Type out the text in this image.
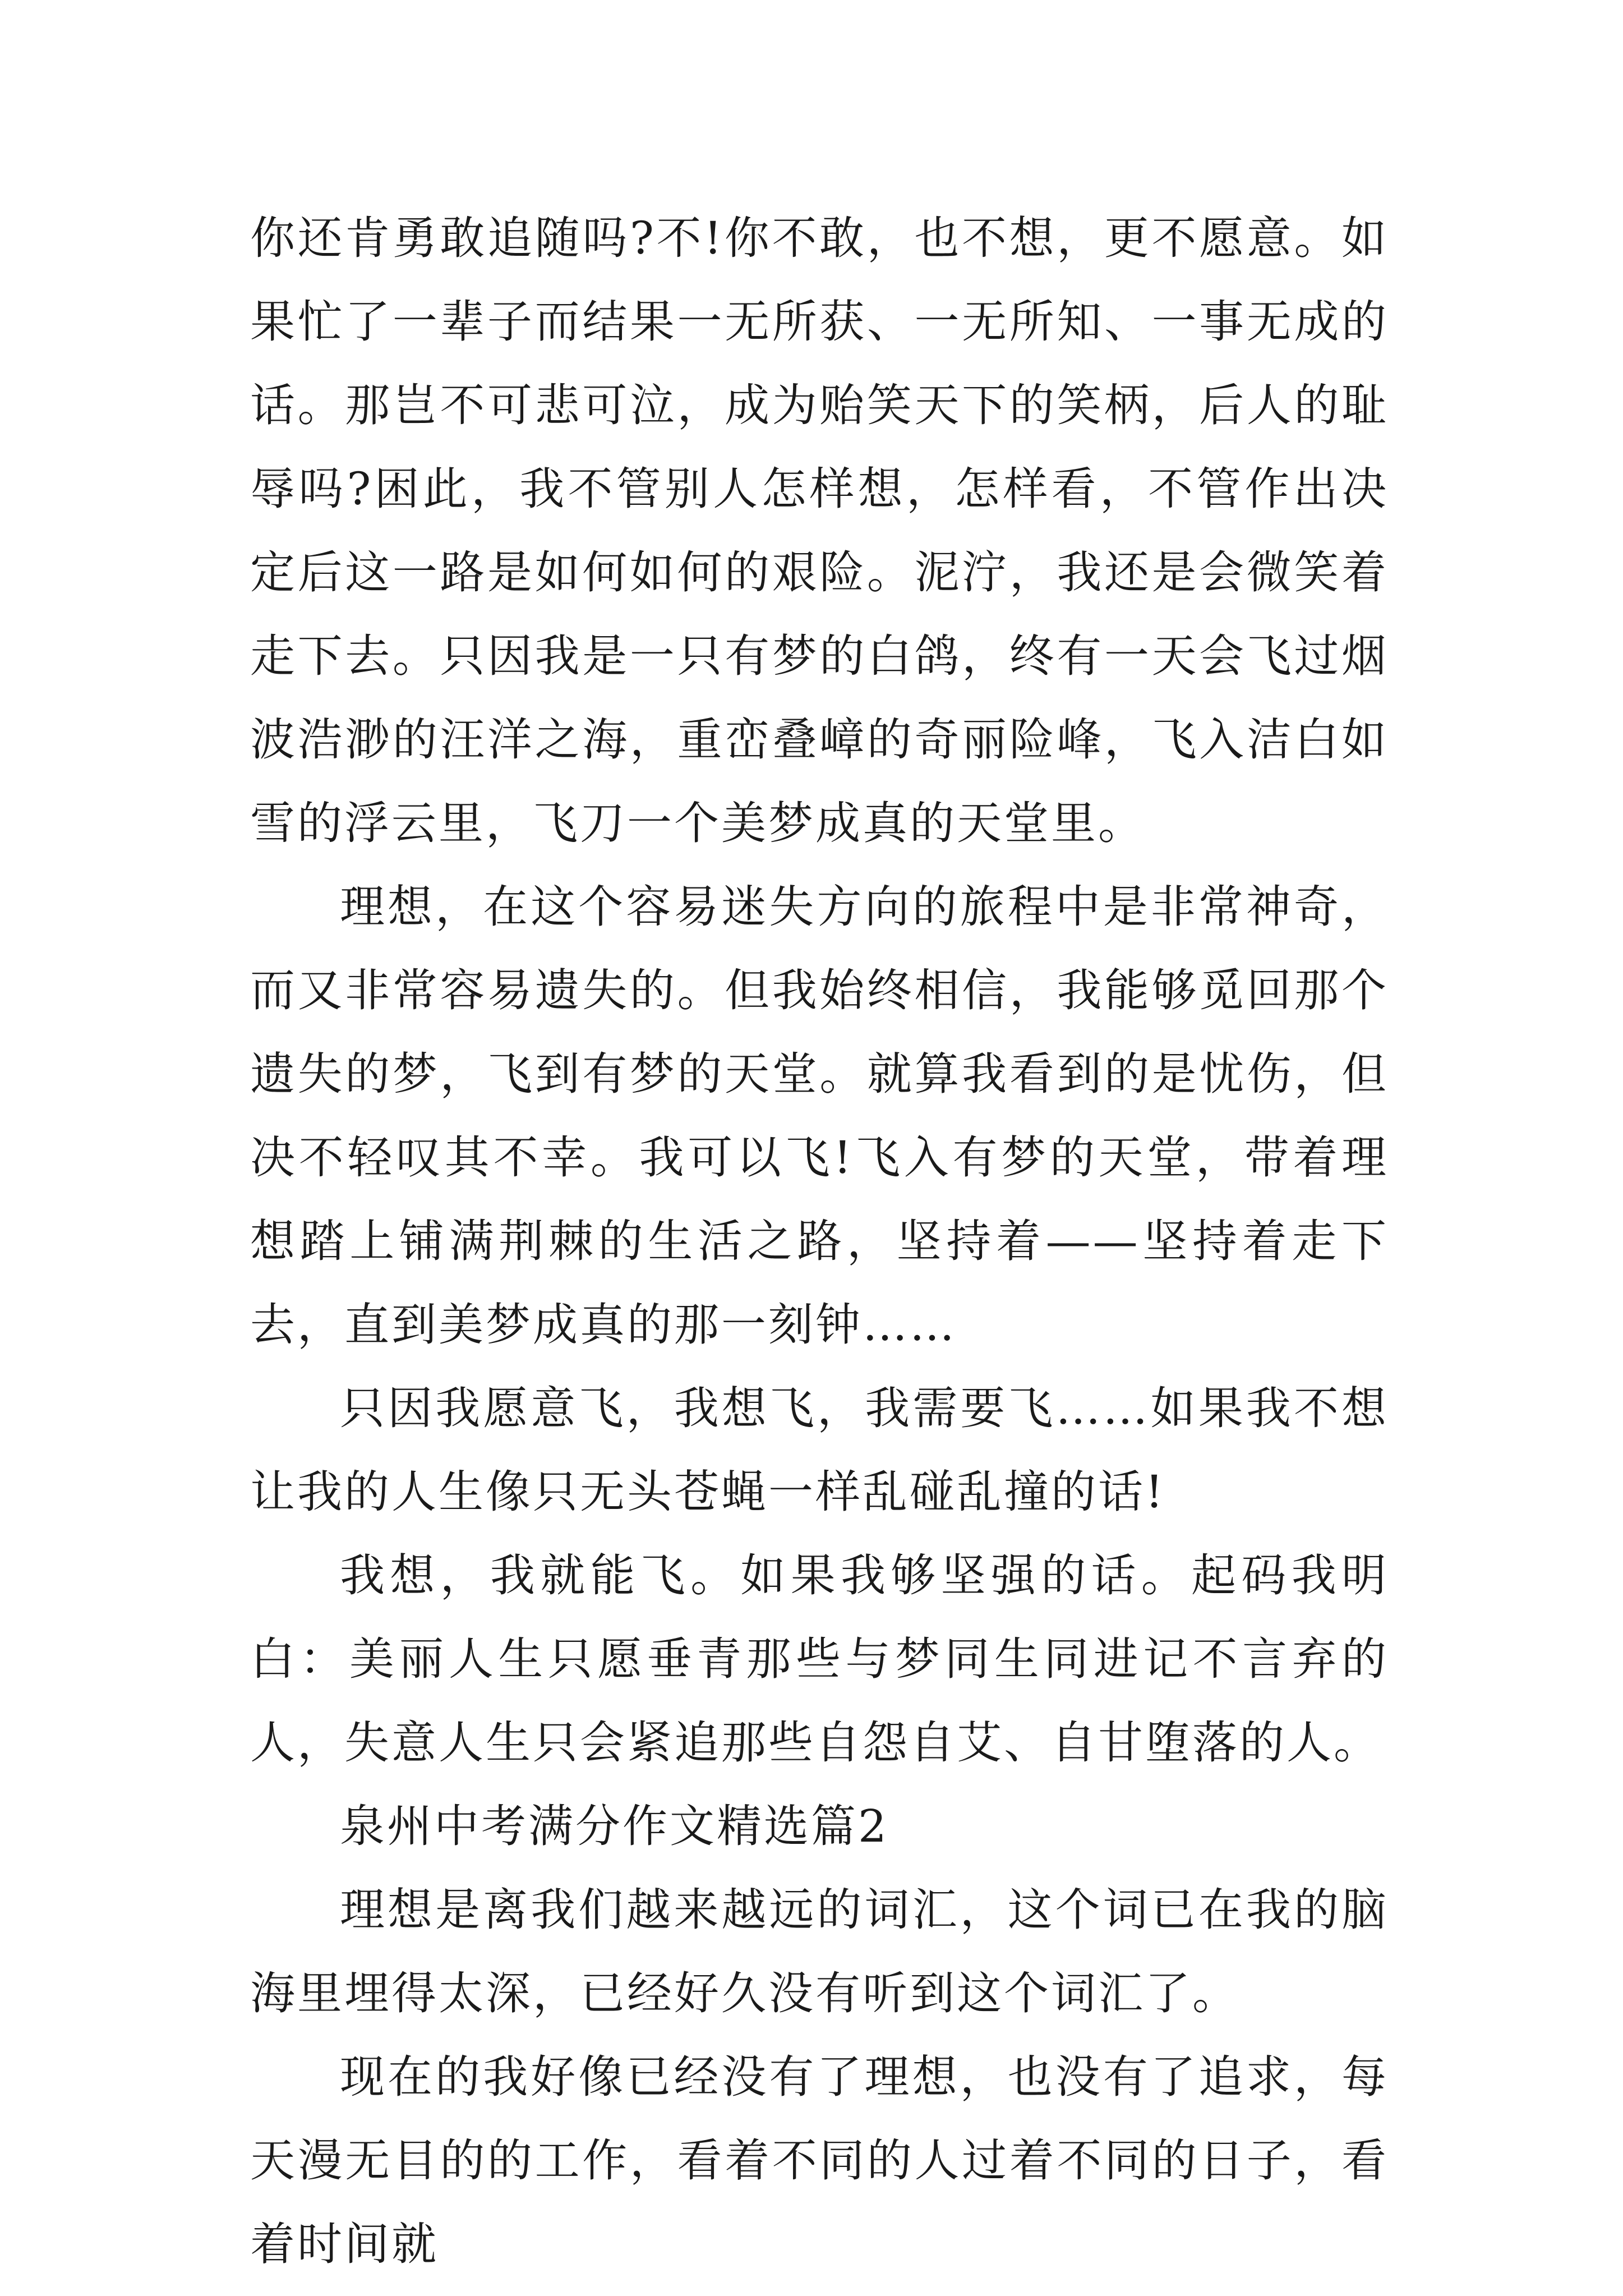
你还肯勇敢追随吗?不!你不敢，也不想，更不愿意。如果忙了一辈子而结果一无所获、一无所知、一事无成的话。那岂不可悲可泣，成为贻笑天下的笑柄，后人的耻辱吗?困此，我不管别人怎样想，怎样看，不管作出决定后这一路是如何如何的艰险。泥泞，我还是会微笑着走下去。只因我是一只有梦的白鸽，终有一天会飞过烟波浩渺的汪洋之海，重峦叠嶂的奇丽险峰，飞入洁白如雪的浮云里，飞刀一个美梦成真的天堂里。

理想，在这个容易迷失方向的旅程中是非常神奇，而又非常容易遗失的。但我始终相信，我能够觅回那个遗失的梦，飞到有梦的天堂。就算我看到的是忧伤，但决不轻叹其不幸。我可以飞!飞入有梦的天堂，带着理想踏上铺满荆棘的生活之路，坚持着——坚持着走下去，直到美梦成真的那一刻钟……

只因我愿意飞，我想飞，我需要飞……如果我不想让我的人生像只无头苍蝇一样乱碰乱撞的话!

我想，我就能飞。如果我够坚强的话。起码我明白：美丽人生只愿垂青那些与梦同生同进记不言弃的人，失意人生只会紧追那些自怨自艾、自甘堕落的人。

泉州中考满分作文精选篇2

理想是离我们越来越远的词汇，这个词已在我的脑海里埋得太深，已经好久没有听到这个词汇了。

现在的我好像已经没有了理想，也没有了追求，每天漫无目的的工作，看着不同的人过着不同的日子，看着时间就
